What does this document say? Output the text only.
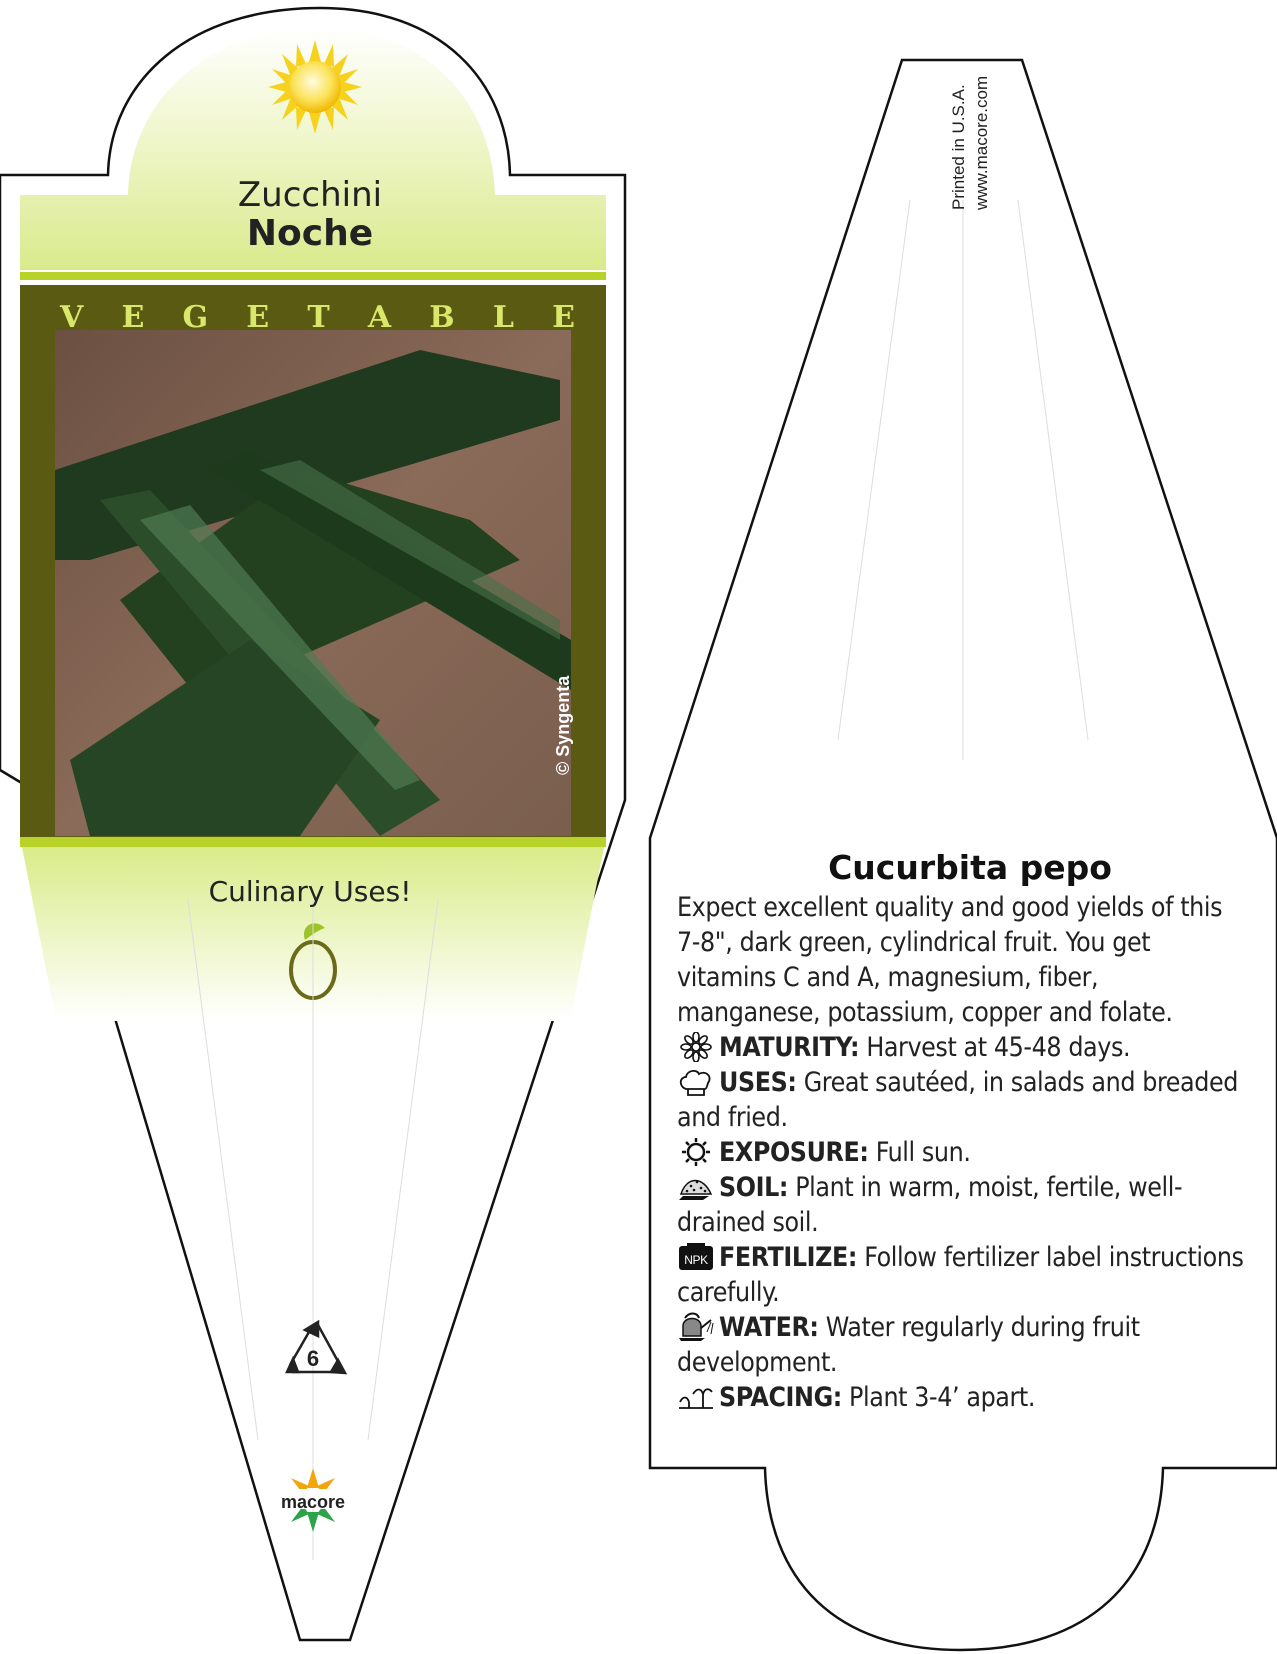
Zucchini
Noche
V E G E T A B L E
© Syngenta
Culinary Uses!
6
macore
Printed in U.S.A. www.macore.com
Cucurbita pepo

Expect excellent quality and good yields of this 7-8", dark green, cylindrical fruit. You get vitamins C and A, magnesium, fiber, manganese, potassium, copper and folate.

MATURITY: Harvest at 45-48 days.

USES: Great sautéed, in salads and breaded and fried.

EXPOSURE: Full sun.

SOIL: Plant in warm, moist, fertile, well-drained soil.

NPK FERTILIZE: Follow fertilizer label instructions carefully.

WATER: Water regularly during fruit development.

SPACING: Plant 3-4’ apart.
